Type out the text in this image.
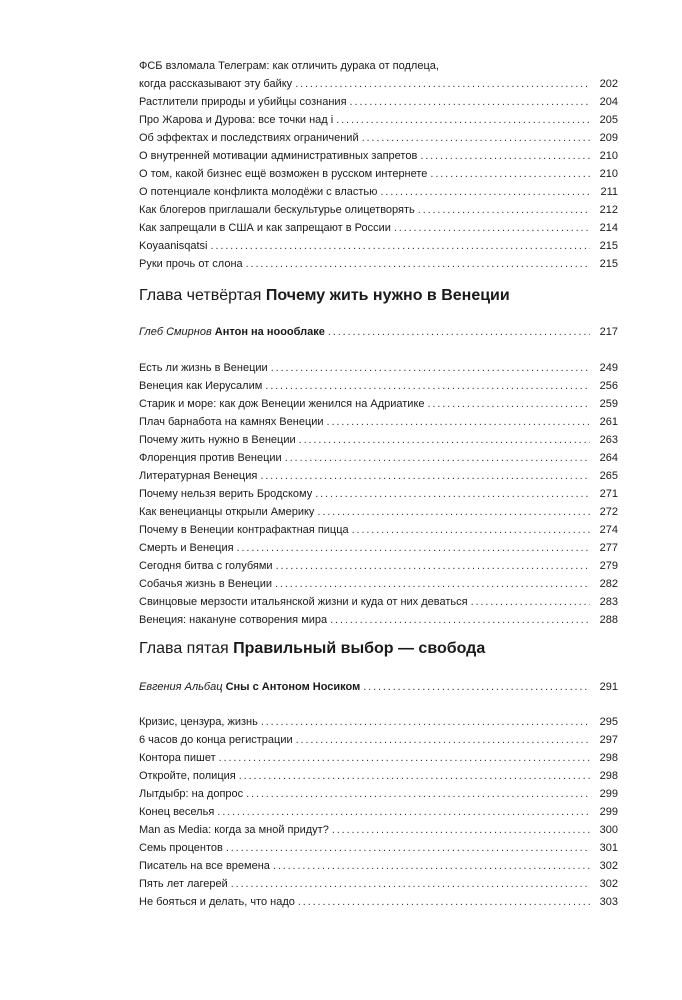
ФСБ взломала Телеграм: как отличить дурака от подлеца,
когда рассказывают эту байку . . .	202
Растлители природы и убийцы сознания . . .	204
Про Жарова и Дурова: все точки над i . . .	205
Об эффектах и последствиях ограничений . . .	209
О внутренней мотивации административных запретов . . .	210
О том, какой бизнес ещё возможен в русском интернете . . .	210
О потенциале конфликта молодёжи с властью . . .	211
Как блогеров приглашали бескультурье олицетворять . . .	212
Как запрещали в США и как запрещают в России . . .	214
Koyaanisqatsi . . .	215
Руки прочь от слона . . .	215
Глава четвёртая Почему жить нужно в Венеции
Глеб Смирнов Антон на нооoблаке . . .	217
Есть ли жизнь в Венеции . . .	249
Венеция как Иерусалим . . .	256
Старик и море: как дож Венеции женился на Адриатике . . .	259
Плач барнабота на камнях Венеции . . .	261
Почему жить нужно в Венеции . . .	263
Флоренция против Венеции . . .	264
Литературная Венеция . . .	265
Почему нельзя верить Бродскому . . .	271
Как венецианцы открыли Америку . . .	272
Почему в Венеции контрафактная пицца . . .	274
Смерть и Венеция . . .	277
Сегодня битва с голубями . . .	279
Собачья жизнь в Венеции . . .	282
Свинцовые мерзости итальянской жизни и куда от них деваться . . .	283
Венеция: накануне сотворения мира . . .	288
Глава пятая Правильный выбор — свобода
Евгения Альбац Сны с Антоном Носиком . . .	291
Кризис, цензура, жизнь . . .	295
6 часов до конца регистрации . . .	297
Контора пишет . . .	298
Откройте, полиция . . .	298
Лытдыбр: на допрос . . .	299
Конец веселья . . .	299
Man as Media: когда за мной придут? . . .	300
Семь процентов . . .	301
Писатель на все времена . . .	302
Пять лет лагерей . . .	302
Не бояться и делать, что надо . . .	303
